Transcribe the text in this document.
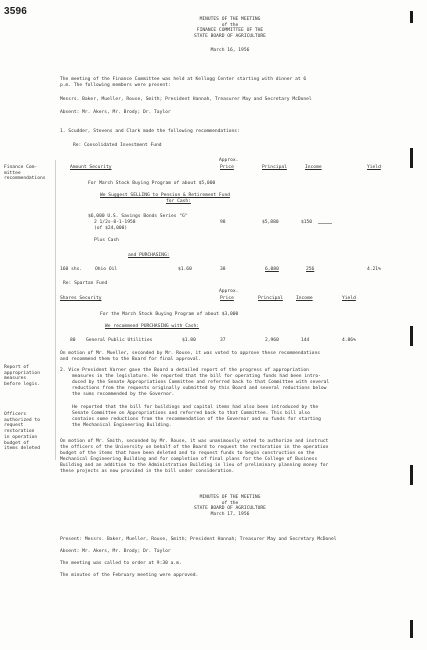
3596
MINUTES OF THE MEETING
of the
FINANCE COMMITTEE OF THE
STATE BOARD OF AGRICULTURE
March 16, 1956
The meeting of the Finance Committee was held at Kellogg Center starting with dinner at 6
p.m. The following members were present:
Messrs. Baker, Mueller, Rouse, Smith; President Hannah, Treasurer May and Secretary McDonel
Absent: Mr. Akers, Mr. Brody; Dr. Taylor
1. Scudder, Stevens and Clark made the following recommendations:
Re: Consolidated Investment Fund
Finance Com-
mittee
recommendations
Approx.
Amount Security	Price	Principal	Income	Yield
For March Stock Buying Program of about $5,000
We Suggest SELLING to Pension & Retirement Fund
for Cash:
$6,000 U.S. Savings Bonds Series "G"
2 1/2s-8-1-1958
(of $24,000)
98	$5,880	$150
Plus Cash
and PURCHASING:
160 shs.	Ohio Oil	$1.60	38	6,080	256	4.21%
Re: Spartan Fund
Approx.
Shares Security	Price	Principal	Income	Yield
For the March Stock Buying Program of about $3,000
We recommend PURCHASING with Cash:
80 General Public Utilities	$1.80	37	2,960	144	4.86%
On motion of Mr. Mueller, seconded by Mr. Rouse, it was voted to approve these recommendations
and recommend them to the Board for final approval.
Report of
appropriation
measures
before legis.
2. Vice President Varner gave the Board a detailed report of the progress of appropriation
measures in the legislature. He reported that the bill for operating funds had been intro-
duced by the Senate Appropriations Committee and referred back to that Committee with several
reductions from the requests originally submitted by this Board and several reductions below
the sums recommended by the Governor.
He reported that the bill for buildings and capital items had also been introduced by the
Senate Committee on Appropriations and referred back to that Committee. This bill also
contains some reductions from the recommendation of the Governor and no funds for starting
the Mechanical Engineering Building.
Officers
authorized to
request
restoration
in operation
budget of
items deleted
On motion of Mr. Smith, seconded by Mr. Rouse, it was unanimously voted to authorize and instruct
the officers of the University on behalf of the Board to request the restoration in the operation
budget of the items that have been deleted and to request funds to begin construction on the
Mechanical Engineering Building and for completion of final plans for the College of Business
Building and an addition to the Administration Building in lieu of preliminary planning money for
these projects as now provided in the bill under consideration.
MINUTES OF THE MEETING
of the
STATE BOARD OF AGRICULTURE
March 17, 1956
Present: Messrs. Baker, Mueller, Rouse, Smith; President Hannah; Treasurer May and Secretary McDonel
Absent: Mr. Akers, Mr. Brody; Dr. Taylor
The meeting was called to order at 9:30 a.m.
The minutes of the February meeting were approved.
